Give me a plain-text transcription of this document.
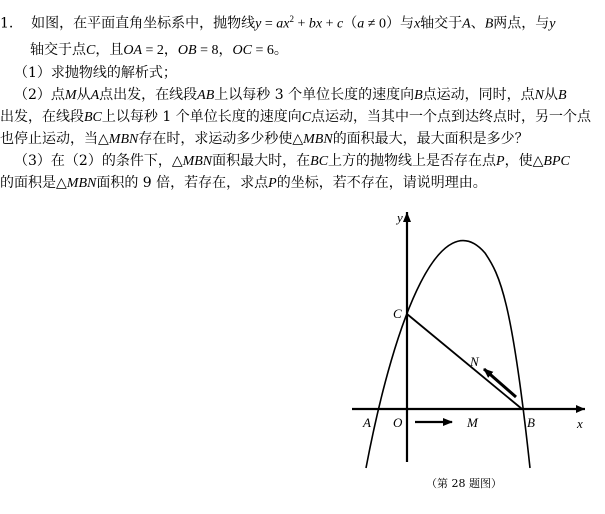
1. 如图，在平面直角坐标系中，抛物线$y = ax^2$ + bx + c（a ≠ 0）与x轴交于A、B两点，与y
轴交于点C，且OA = 2，OB = 8，OC = 6。
（1）求抛物线的解析式；
（2）点M从A点出发，在线段AB上以每秒 3 个单位长度的速度向B点运动，同时，点N从B
出发，在线段BC上以每秒 1 个单位长度的速度向C点运动，当其中一个点到达终点时，另一个点
也停止运动，当△MBN存在时，求运动多少秒使△MBN的面积最大，最大面积是多少？
（3）在（2）的条件下，△MBN面积最大时，在BC上方的抛物线上是否存在点P，使△BPC
的面积是△MBN面积的 9 倍，若存在，求点P的坐标，若不存在，请说明理由。
y
x
O
A	B
C
M
N
（第 28 题图）
